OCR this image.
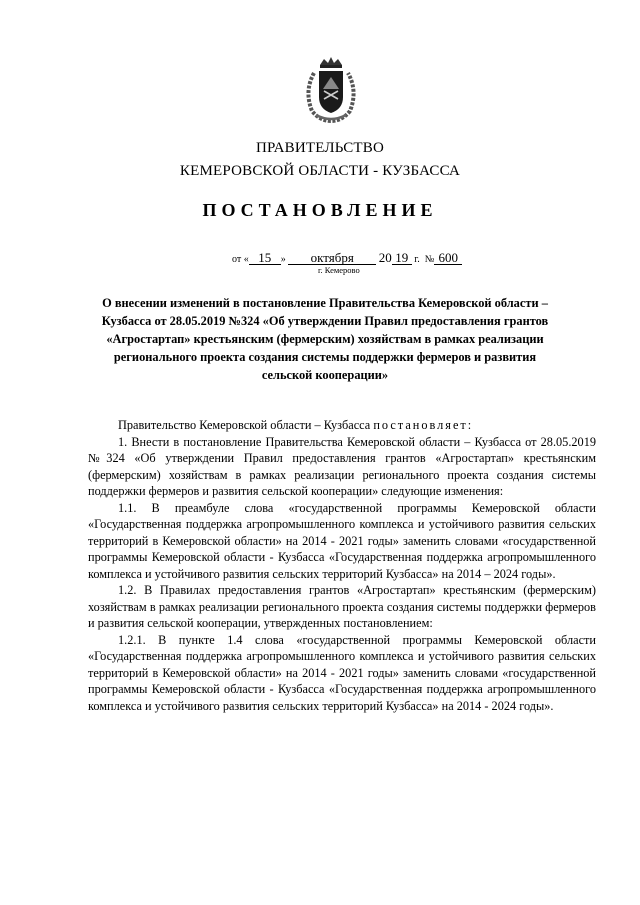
ПРАВИТЕЛЬСТВО
КЕМЕРОВСКОЙ ОБЛАСТИ - КУЗБАССА
ПОСТАНОВЛЕНИЕ
от « 15 » октября 20 19 г. № 600
г. Кемерово
О внесении изменений в постановление Правительства Кемеровской области – Кузбасса от 28.05.2019 №324 «Об утверждении Правил предоставления грантов «Агростартап» крестьянским (фермерским) хозяйствам в рамках реализации регионального проекта создания системы поддержки фермеров и развития сельской кооперации»

Правительство Кемеровской области – Кузбасса постановляет:

1. Внести в постановление Правительства Кемеровской области – Кузбасса от 28.05.2019 №324 «Об утверждении Правил предоставления грантов «Агростартап» крестьянским (фермерским) хозяйствам в рамках реализации регионального проекта создания системы поддержки фермеров и развития сельской кооперации» следующие изменения:

1.1. В преамбуле слова «государственной программы Кемеровской области «Государственная поддержка агропромышленного комплекса и устойчивого развития сельских территорий в Кемеровской области» на 2014 - 2021 годы» заменить словами «государственной программы Кемеровской области - Кузбасса «Государственная поддержка агропромышленного комплекса и устойчивого развития сельских территорий Кузбасса» на 2014 – 2024 годы».

1.2. В Правилах предоставления грантов «Агростартап» крестьянским (фермерским) хозяйствам в рамках реализации регионального проекта создания системы поддержки фермеров и развития сельской кооперации, утвержденных постановлением:

1.2.1. В пункте 1.4 слова «государственной программы Кемеровской области «Государственная поддержка агропромышленного комплекса и устойчивого развития сельских территорий в Кемеровской области» на 2014 - 2021 годы» заменить словами «государственной программы Кемеровской области - Кузбасса «Государственная поддержка агропромышленного комплекса и устойчивого развития сельских территорий Кузбасса» на 2014 - 2024 годы».
